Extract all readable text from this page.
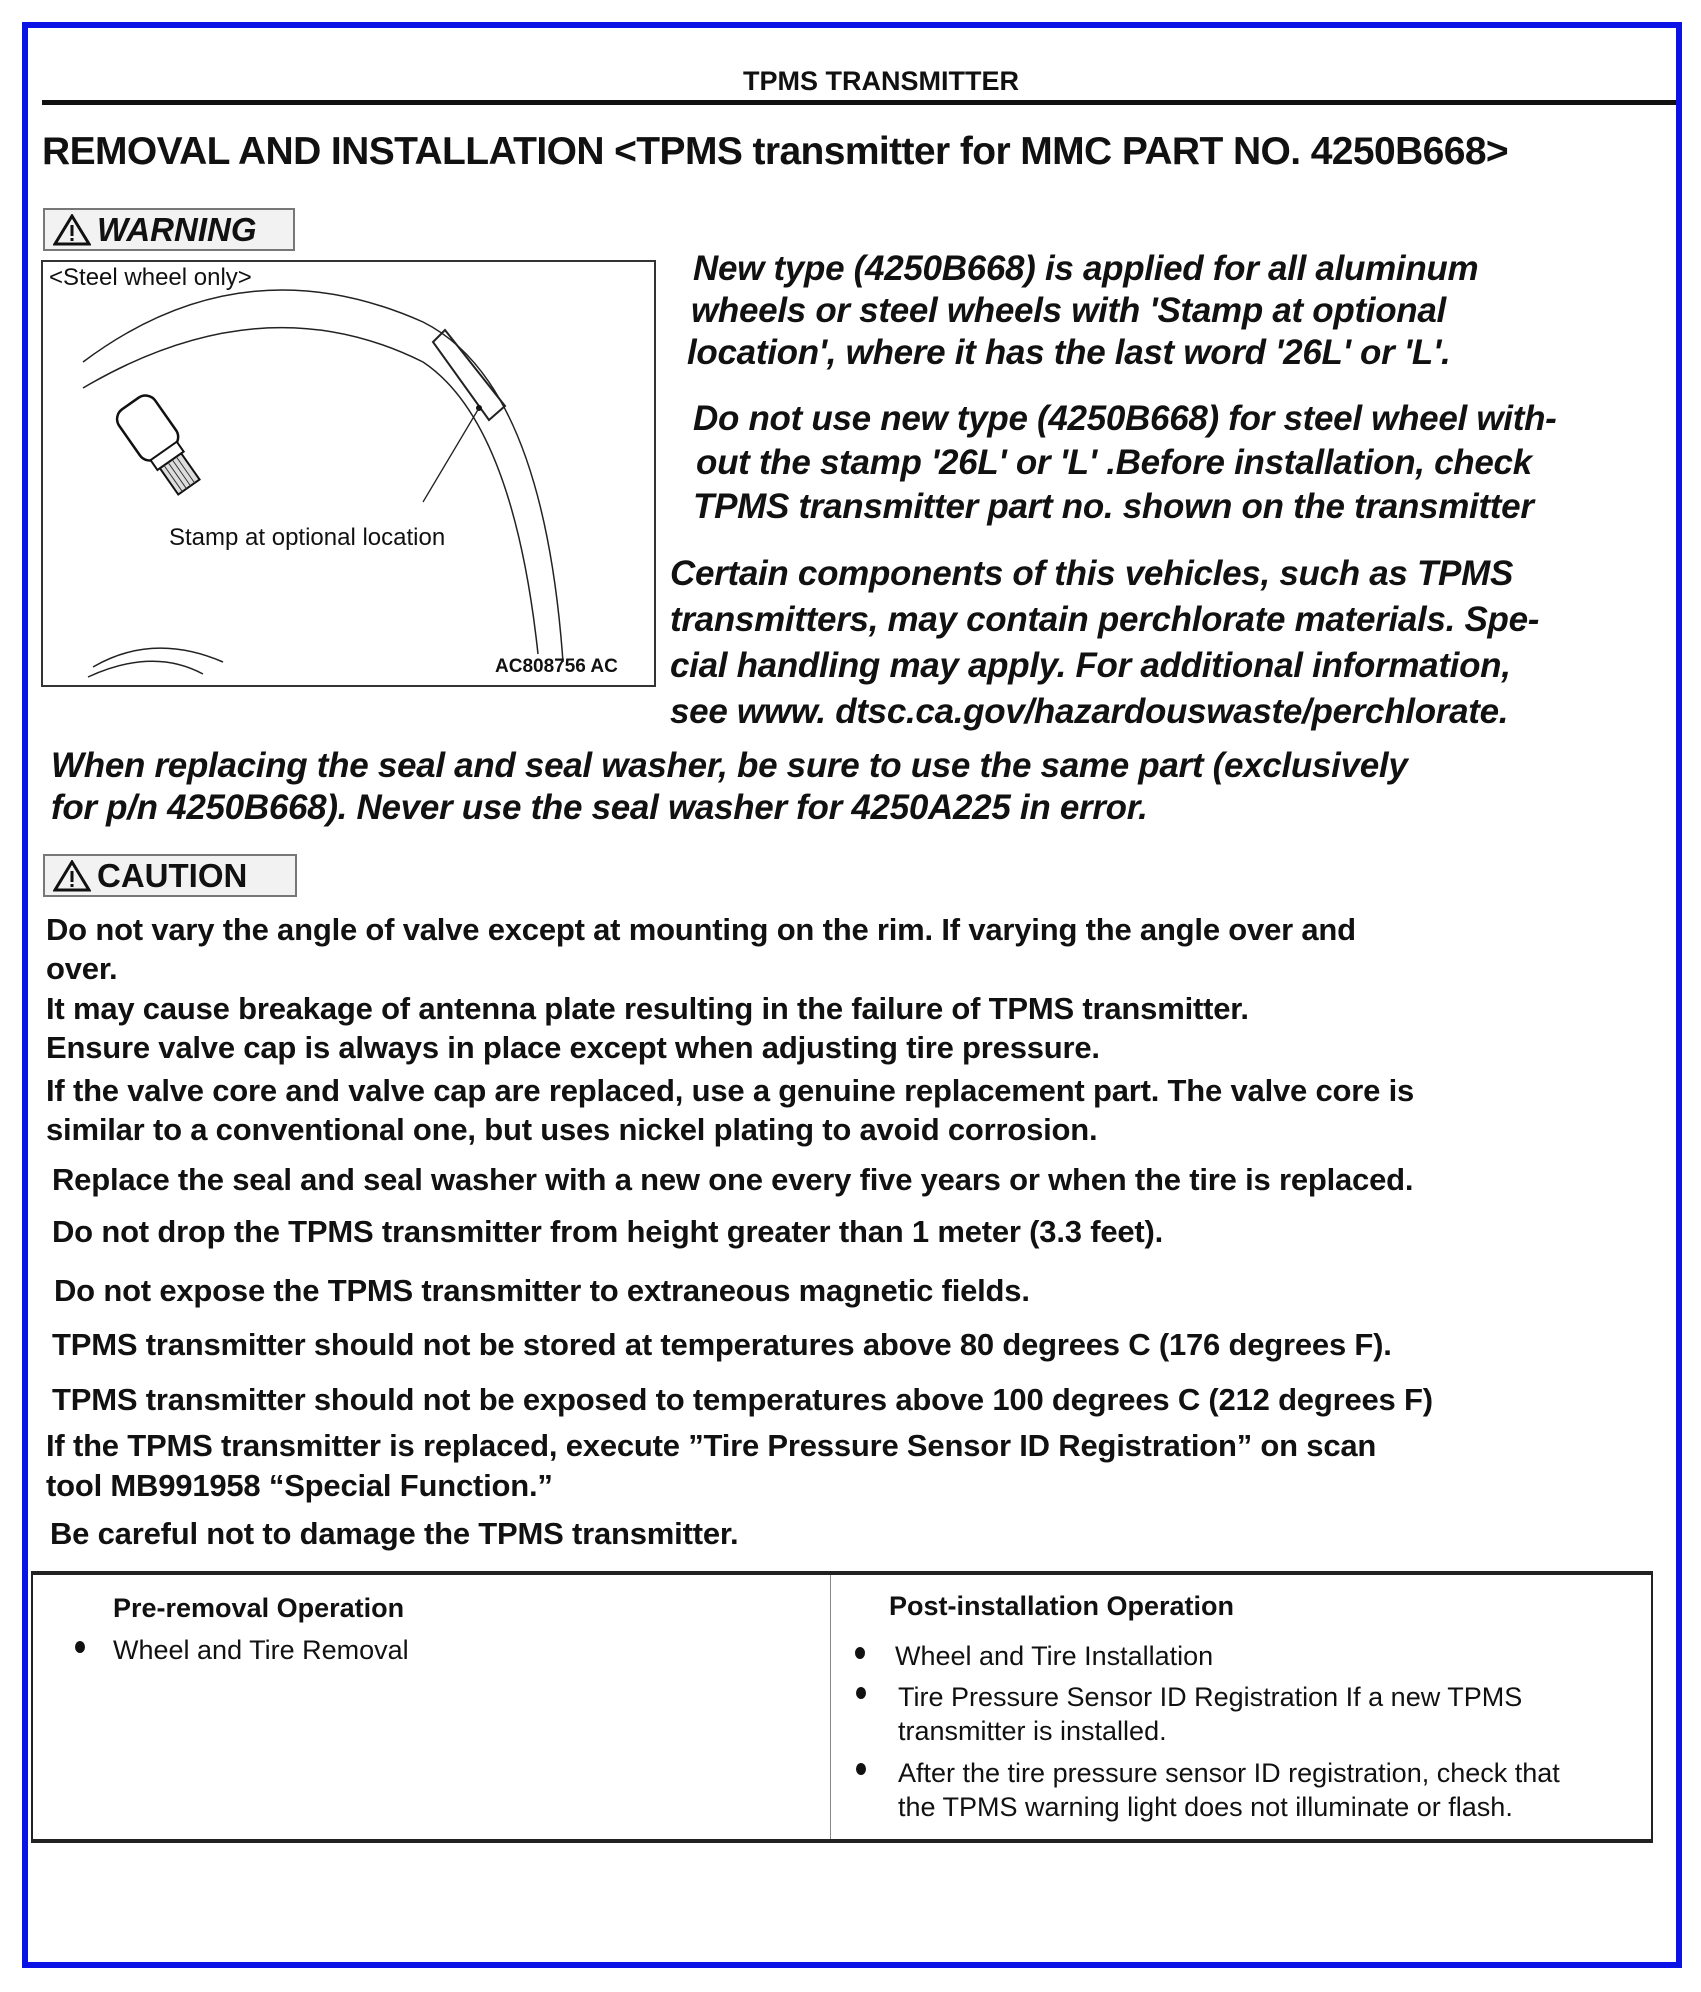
TPMS TRANSMITTER
REMOVAL AND INSTALLATION <TPMS transmitter for MMC PART NO. 4250B668>
WARNING
<Steel wheel only>
Stamp at optional location
AC808756 AC
New type (4250B668) is applied for all aluminum
wheels or steel wheels with 'Stamp at optional
location', where it has the last word '26L' or 'L'.
Do not use new type (4250B668) for steel wheel with-
out the stamp '26L' or 'L' .Before installation, check
TPMS transmitter part no. shown on the transmitter
Certain components of this vehicles, such as TPMS
transmitters, may contain perchlorate materials. Spe-
cial handling may apply. For additional information,
see www. dtsc.ca.gov/hazardouswaste/perchlorate.
When replacing the seal and seal washer, be sure to use the same part (exclusively
for p/n 4250B668). Never use the seal washer for 4250A225 in error.
CAUTION
Do not vary the angle of valve except at mounting on the rim. If varying the angle over and
over.
It may cause breakage of antenna plate resulting in the failure of TPMS transmitter.
Ensure valve cap is always in place except when adjusting tire pressure.
If the valve core and valve cap are replaced, use a genuine replacement part. The valve core is
similar to a conventional one, but uses nickel plating to avoid corrosion.
Replace the seal and seal washer with a new one every five years or when the tire is replaced.
Do not drop the TPMS transmitter from height greater than 1 meter (3.3 feet).
Do not expose the TPMS transmitter to extraneous magnetic fields.
TPMS transmitter should not be stored at temperatures above 80 degrees C (176 degrees F).
TPMS transmitter should not be exposed to temperatures above 100 degrees C (212 degrees F)
If the TPMS transmitter is replaced, execute ”Tire Pressure Sensor ID Registration” on scan
tool MB991958 “Special Function.”
Be careful not to damage the TPMS transmitter.
Pre-removal Operation
Wheel and Tire Removal
Post-installation Operation
Wheel and Tire Installation
Tire Pressure Sensor ID Registration If a new TPMS
transmitter is installed.
After the tire pressure sensor ID registration, check that
the TPMS warning light does not illuminate or flash.
